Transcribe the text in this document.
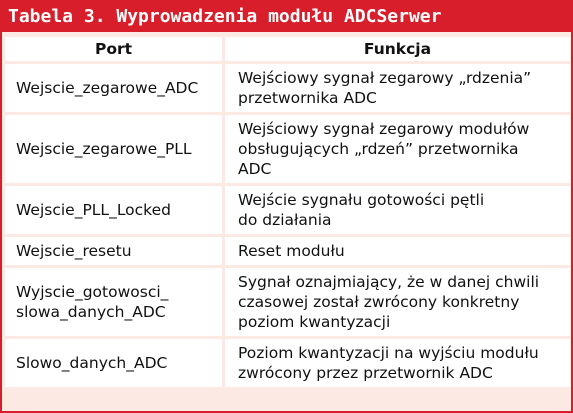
Tabela 3. Wyprowadzenia modułu ADCSerwer
Port	Funkcja
Wejscie_zegarowe_ADC	Wejściowy sygnał zegarowy „rdzenia”
przetwornika ADC
Wejscie_zegarowe_PLL	Wejściowy sygnał zegarowy modułów
obsługujących „rdzeń” przetwornika
ADC
Wejscie_PLL_Locked	Wejście sygnału gotowości pętli
do działania
Wejscie_resetu	Reset modułu
Wyjscie_gotowosci_
slowa_danych_ADC	Sygnał oznajmiający, że w danej chwili
czasowej został zwrócony konkretny
poziom kwantyzacji
Slowo_danych_ADC	Poziom kwantyzacji na wyjściu modułu
zwrócony przez przetwornik ADC
